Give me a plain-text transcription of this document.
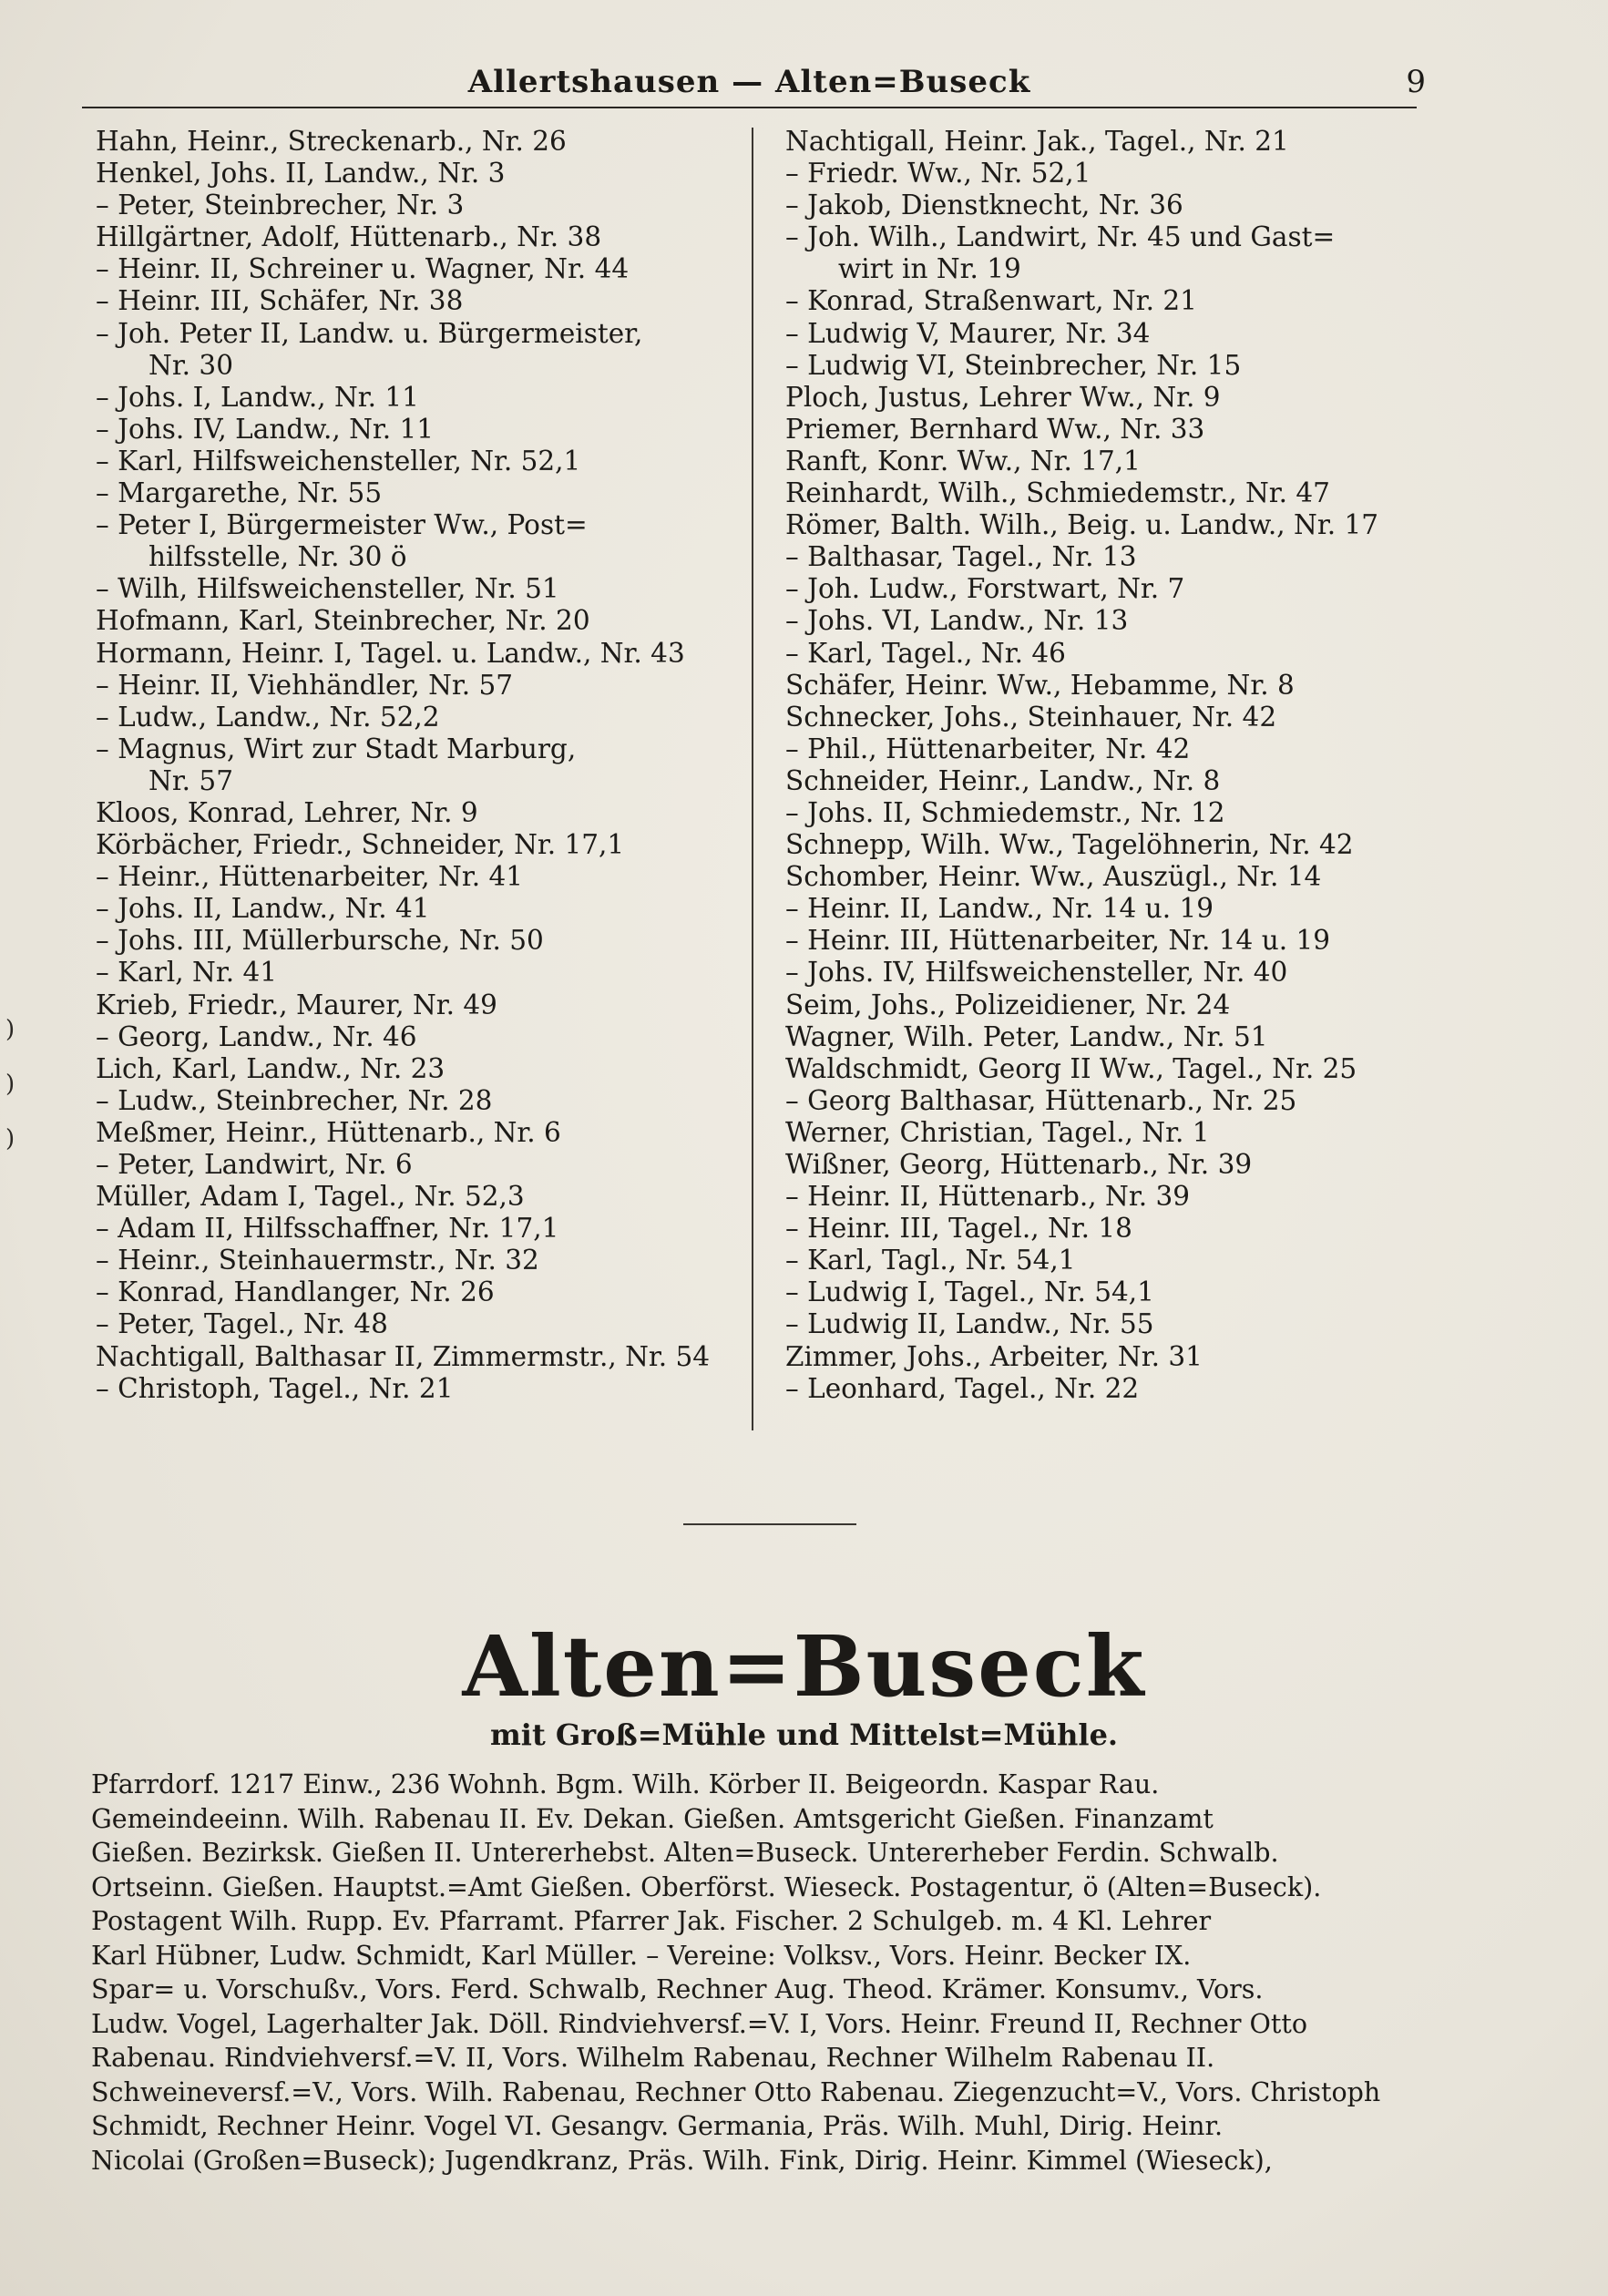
Allertshausen — Alten=Buseck	9
Hahn, Heinr., Streckenarb., Nr. 26
Henkel, Johs. II, Landw., Nr. 3
– Peter, Steinbrecher, Nr. 3
Hillgärtner, Adolf, Hüttenarb., Nr. 38
– Heinr. II, Schreiner u. Wagner, Nr. 44
– Heinr. III, Schäfer, Nr. 38
– Joh. Peter II, Landw. u. Bürgermeister,
Nr. 30
– Johs. I, Landw., Nr. 11
– Johs. IV, Landw., Nr. 11
– Karl, Hilfsweichensteller, Nr. 52,1
– Margarethe, Nr. 55
– Peter I, Bürgermeister Ww., Post=
hilfsstelle, Nr. 30 ö
– Wilh, Hilfsweichensteller, Nr. 51
Hofmann, Karl, Steinbrecher, Nr. 20
Hormann, Heinr. I, Tagel. u. Landw., Nr. 43
– Heinr. II, Viehhändler, Nr. 57
– Ludw., Landw., Nr. 52,2
– Magnus, Wirt zur Stadt Marburg,
Nr. 57
Kloos, Konrad, Lehrer, Nr. 9
Körbächer, Friedr., Schneider, Nr. 17,1
– Heinr., Hüttenarbeiter, Nr. 41
– Johs. II, Landw., Nr. 41
– Johs. III, Müllerbursche, Nr. 50
– Karl, Nr. 41
Krieb, Friedr., Maurer, Nr. 49
– Georg, Landw., Nr. 46
Lich, Karl, Landw., Nr. 23
– Ludw., Steinbrecher, Nr. 28
Meßmer, Heinr., Hüttenarb., Nr. 6
– Peter, Landwirt, Nr. 6
Müller, Adam I, Tagel., Nr. 52,3
– Adam II, Hilfsschaffner, Nr. 17,1
– Heinr., Steinhauermstr., Nr. 32
– Konrad, Handlanger, Nr. 26
– Peter, Tagel., Nr. 48
Nachtigall, Balthasar II, Zimmermstr., Nr. 54
– Christoph, Tagel., Nr. 21
Nachtigall, Heinr. Jak., Tagel., Nr. 21
– Friedr. Ww., Nr. 52,1
– Jakob, Dienstknecht, Nr. 36
– Joh. Wilh., Landwirt, Nr. 45 und Gast=
wirt in Nr. 19
– Konrad, Straßenwart, Nr. 21
– Ludwig V, Maurer, Nr. 34
– Ludwig VI, Steinbrecher, Nr. 15
Ploch, Justus, Lehrer Ww., Nr. 9
Priemer, Bernhard Ww., Nr. 33
Ranft, Konr. Ww., Nr. 17,1
Reinhardt, Wilh., Schmiedemstr., Nr. 47
Römer, Balth. Wilh., Beig. u. Landw., Nr. 17
– Balthasar, Tagel., Nr. 13
– Joh. Ludw., Forstwart, Nr. 7
– Johs. VI, Landw., Nr. 13
– Karl, Tagel., Nr. 46
Schäfer, Heinr. Ww., Hebamme, Nr. 8
Schnecker, Johs., Steinhauer, Nr. 42
– Phil., Hüttenarbeiter, Nr. 42
Schneider, Heinr., Landw., Nr. 8
– Johs. II, Schmiedemstr., Nr. 12
Schnepp, Wilh. Ww., Tagelöhnerin, Nr. 42
Schomber, Heinr. Ww., Auszügl., Nr. 14
– Heinr. II, Landw., Nr. 14 u. 19
– Heinr. III, Hüttenarbeiter, Nr. 14 u. 19
– Johs. IV, Hilfsweichensteller, Nr. 40
Seim, Johs., Polizeidiener, Nr. 24
Wagner, Wilh. Peter, Landw., Nr. 51
Waldschmidt, Georg II Ww., Tagel., Nr. 25
– Georg Balthasar, Hüttenarb., Nr. 25
Werner, Christian, Tagel., Nr. 1
Wißner, Georg, Hüttenarb., Nr. 39
– Heinr. II, Hüttenarb., Nr. 39
– Heinr. III, Tagel., Nr. 18
– Karl, Tagl., Nr. 54,1
– Ludwig I, Tagel., Nr. 54,1
– Ludwig II, Landw., Nr. 55
Zimmer, Johs., Arbeiter, Nr. 31
– Leonhard, Tagel., Nr. 22
Alten=Buseck
mit Groß=Mühle und Mittelst=Mühle.

Pfarrdorf. 1217 Einw., 236 Wohnh. Bgm. Wilh. Körber II. Beigeordn. Kaspar Rau.

Gemeindeeinn. Wilh. Rabenau II. Ev. Dekan. Gießen. Amtsgericht Gießen. Finanzamt

Gießen. Bezirksk. Gießen II. Untererhebst. Alten=Buseck. Untererheber Ferdin. Schwalb.

Ortseinn. Gießen. Hauptst.=Amt Gießen. Oberförst. Wieseck. Postagentur, ö (Alten=Buseck).

Postagent Wilh. Rupp. Ev. Pfarramt. Pfarrer Jak. Fischer. 2 Schulgeb. m. 4 Kl. Lehrer

Karl Hübner, Ludw. Schmidt, Karl Müller. – Vereine: Volksv., Vors. Heinr. Becker IX.

Spar= u. Vorschußv., Vors. Ferd. Schwalb, Rechner Aug. Theod. Krämer. Konsumv., Vors.

Ludw. Vogel, Lagerhalter Jak. Döll. Rindviehversf.=V. I, Vors. Heinr. Freund II, Rechner Otto

Rabenau. Rindviehversf.=V. II, Vors. Wilhelm Rabenau, Rechner Wilhelm Rabenau II.

Schweineversf.=V., Vors. Wilh. Rabenau, Rechner Otto Rabenau. Ziegenzucht=V., Vors. Christoph

Schmidt, Rechner Heinr. Vogel VI. Gesangv. Germania, Präs. Wilh. Muhl, Dirig. Heinr.

Nicolai (Großen=Buseck); Jugendkranz, Präs. Wilh. Fink, Dirig. Heinr. Kimmel (Wieseck),

)
)
)
